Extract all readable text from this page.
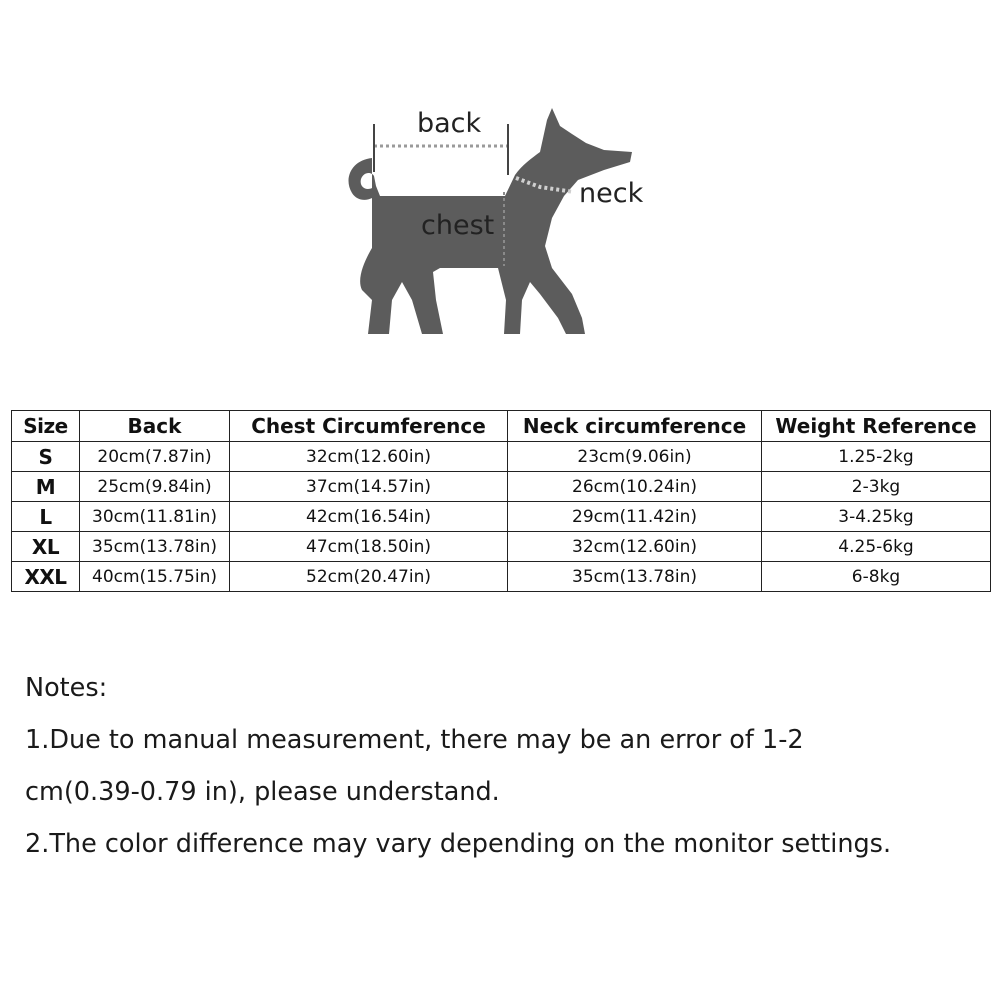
back
neck
chest
Size	Back	Chest Circumference	Neck circumference	Weight Reference
S	20cm(7.87in)	32cm(12.60in)	23cm(9.06in)	1.25-2kg
M	25cm(9.84in)	37cm(14.57in)	26cm(10.24in)	2-3kg
L	30cm(11.81in)	42cm(16.54in)	29cm(11.42in)	3-4.25kg
XL	35cm(13.78in)	47cm(18.50in)	32cm(12.60in)	4.25-6kg
XXL	40cm(15.75in)	52cm(20.47in)	35cm(13.78in)	6-8kg
Notes:
1.Due to manual measurement, there may be an error of 1-2
cm(0.39-0.79 in), please understand.
2.The color difference may vary depending on the monitor settings.
